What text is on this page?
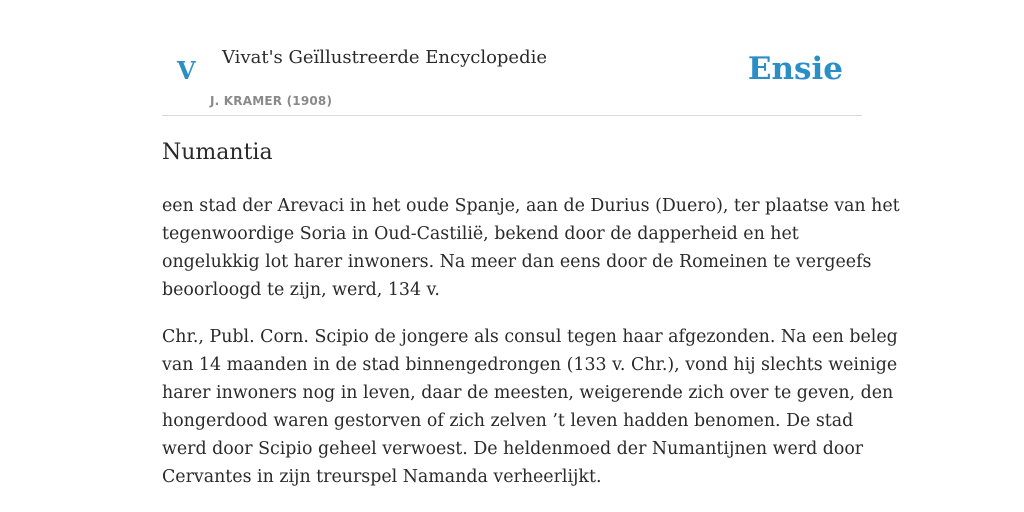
V Vivat's Geïllustreerde Encyclopedie
J. KRAMER (1908)
Ensie
Numantia

een stad der Arevaci in het oude Spanje, aan de Durius (Duero), ter plaatse van het
tegenwoordige Soria in Oud-Castilië, bekend door de dapperheid en het
ongelukkig lot harer inwoners. Na meer dan eens door de Romeinen te vergeefs
beoorloogd te zijn, werd, 134 v.

Chr., Publ. Corn. Scipio de jongere als consul tegen haar afgezonden. Na een beleg
van 14 maanden in de stad binnengedrongen (133 v. Chr.), vond hij slechts weinige
harer inwoners nog in leven, daar de meesten, weigerende zich over te geven, den
hongerdood waren gestorven of zich zelven ’t leven hadden benomen. De stad
werd door Scipio geheel verwoest. De heldenmoed der Numantijnen werd door
Cervantes in zijn treurspel Namanda verheerlijkt.
